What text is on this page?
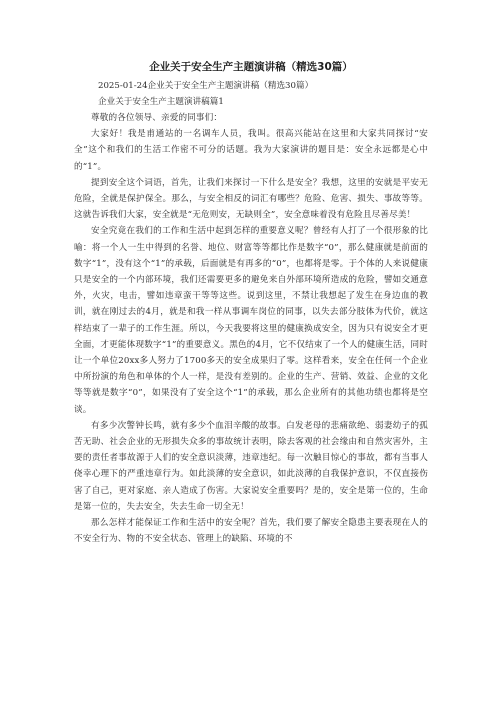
企业关于安全生产主题演讲稿（精选30篇）

2025-01-24企业关于安全生产主题演讲稿（精选30篇）

企业关于安全生产主题演讲稿篇1

尊敬的各位领导、亲爱的同事们：

大家好！我是甫通站的一名调车人员，我叫。很高兴能站在这里和大家共同探讨“安全”这个和我们的生活工作密不可分的话题。我为大家演讲的题目是：安全永远都是心中的“1”。

提到安全这个词语，首先，让我们来探讨一下什么是安全？我想，这里的安就是平安无危险，全就是保护保全。那么，与安全相反的词汇有哪些？危险、危害、损失、事故等等。这就告诉我们大家，安全就是“无危则安，无缺则全”，安全意味着没有危险且尽善尽美！

安全究竟在我们的工作和生活中起到怎样的重要意义呢？曾经有人打了一个很形象的比喻：将一个人一生中得到的名誉、地位、财富等等都比作是数字“0”，那么健康就是前面的数字“1”，没有这个“1”的承载，后面就是有再多的“0”，也都将是零。于个体的人来说健康只是安全的一个内部环境，我们还需要更多的避免来自外部环境所造成的危险，譬如交通意外，火灾，电击，譬如违章蛮干等等这些。说到这里，不禁让我想起了发生在身边血的教训，就在刚过去的4月，就是和我一样从事调车岗位的同事，以失去部分肢体为代价，就这样结束了一辈子的工作生涯。所以，今天我要将这里的健康换成安全，因为只有说安全才更全面，才更能体现数字“1”的重要意义。黑色的4月，它不仅结束了一个人的健康生活，同时让一个单位20xx多人努力了1700多天的安全成果归了零。这样看来，安全在任何一个企业中所扮演的角色和单体的个人一样，是没有差别的。企业的生产、营销、效益、企业的文化等等就是数字“0”，如果没有了安全这个“1”的承载，那么企业所有的其他功绩也都将是空谈。

有多少次警钟长鸣，就有多少个血泪辛酸的故事。白发老母的悲痛欲绝、弱妻幼子的孤苦无助、社会企业的无形损失众多的事故统计表明，除去客观的社会缘由和自然灾害外，主要的责任者事故源于人们的安全意识淡薄，违章违纪。每一次触目惊心的事故，都有当事人侥幸心理下的严重违章行为。如此淡薄的安全意识，如此淡薄的自我保护意识，不仅直接伤害了自己，更对家庭、亲人造成了伤害。大家说安全重要吗？是的，安全是第一位的，生命是第一位的，失去安全，失去生命一切全无！

那么怎样才能保证工作和生活中的安全呢？首先，我们要了解安全隐患主要表现在人的不安全行为、物的不安全状态、管理上的缺陷、环境的不
